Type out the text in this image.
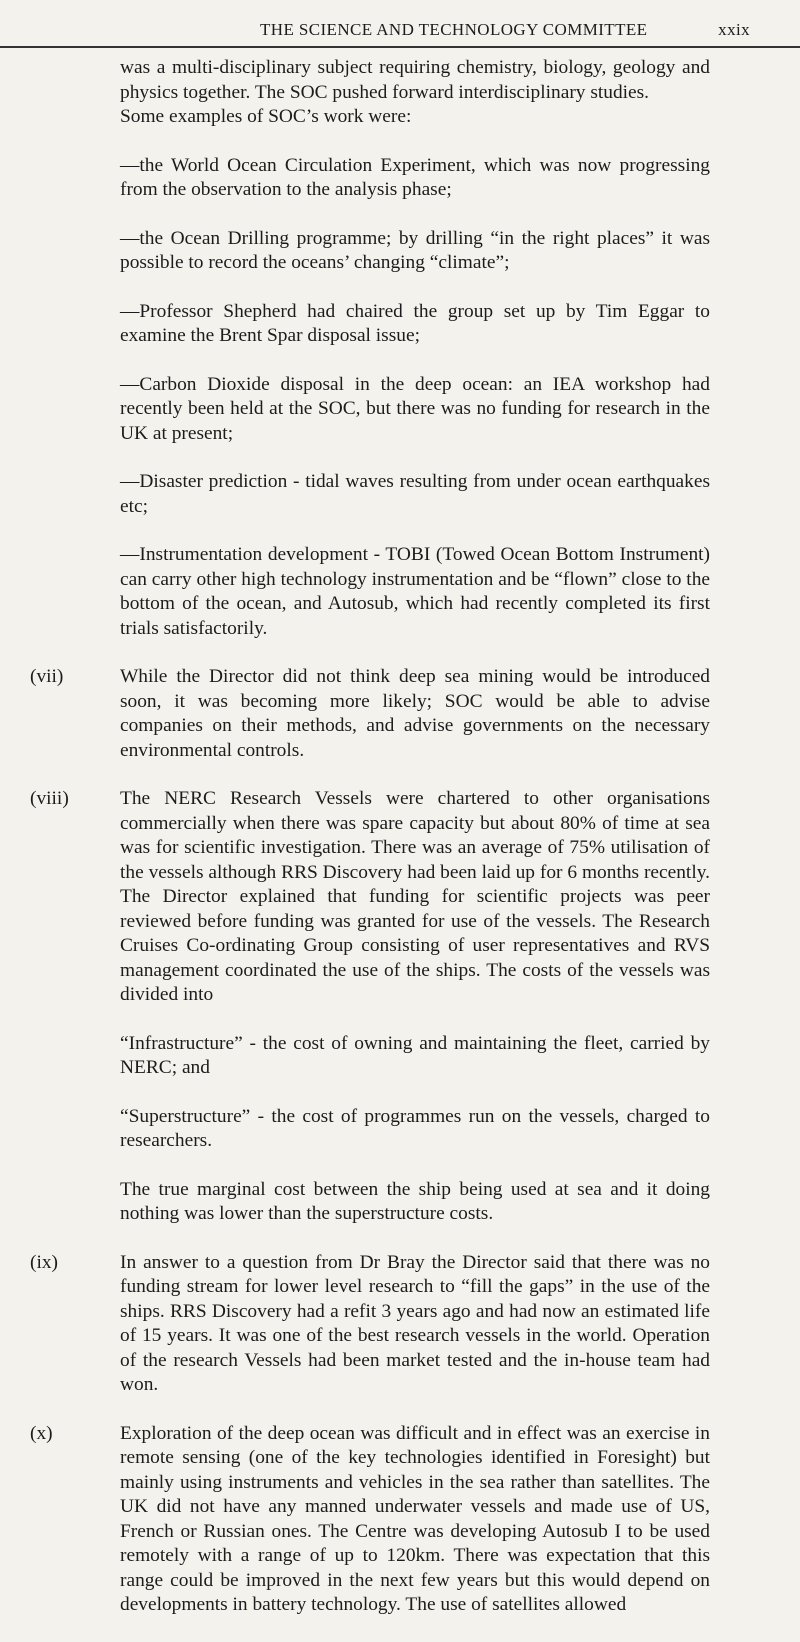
THE SCIENCE AND TECHNOLOGY COMMITTEE	xxix

was a multi-disciplinary subject requiring chemistry, biology, geology and physics together. The SOC pushed forward interdisciplinary studies.

Some examples of SOC’s work were:

—the World Ocean Circulation Experiment, which was now progressing from the observation to the analysis phase;

—the Ocean Drilling programme; by drilling “in the right places” it was possible to record the oceans’ changing “climate”;

—Professor Shepherd had chaired the group set up by Tim Eggar to examine the Brent Spar disposal issue;

—Carbon Dioxide disposal in the deep ocean: an IEA workshop had recently been held at the SOC, but there was no funding for research in the UK at present;

—Disaster prediction - tidal waves resulting from under ocean earthquakes etc;

—Instrumentation development - TOBI (Towed Ocean Bottom Instrument) can carry other high technology instrumentation and be “flown” close to the bottom of the ocean, and Autosub, which had recently completed its first trials satisfactorily.

(vii)	While the Director did not think deep sea mining would be introduced soon, it was becoming more likely; SOC would be able to advise companies on their methods, and advise governments on the necessary environmental controls.

(viii)	The NERC Research Vessels were chartered to other organisations commercially when there was spare capacity but about 80% of time at sea was for scientific investigation. There was an average of 75% utilisation of the vessels although RRS Discovery had been laid up for 6 months recently. The Director explained that funding for scientific projects was peer reviewed before funding was granted for use of the vessels. The Research Cruises Co-ordinating Group consisting of user representatives and RVS management coordinated the use of the ships. The costs of the vessels was divided into

“Infrastructure” - the cost of owning and maintaining the fleet, carried by NERC; and

“Superstructure” - the cost of programmes run on the vessels, charged to researchers.

The true marginal cost between the ship being used at sea and it doing nothing was lower than the superstructure costs.

(ix)	In answer to a question from Dr Bray the Director said that there was no funding stream for lower level research to “fill the gaps” in the use of the ships. RRS Discovery had a refit 3 years ago and had now an estimated life of 15 years. It was one of the best research vessels in the world. Operation of the research Vessels had been market tested and the in-house team had won.

(x)	Exploration of the deep ocean was difficult and in effect was an exercise in remote sensing (one of the key technologies identified in Foresight) but mainly using instruments and vehicles in the sea rather than satellites. The UK did not have any manned underwater vessels and made use of US, French or Russian ones. The Centre was developing Autosub I to be used remotely with a range of up to 120km. There was expectation that this range could be improved in the next few years but this would depend on developments in battery technology. The use of satellites allowed
